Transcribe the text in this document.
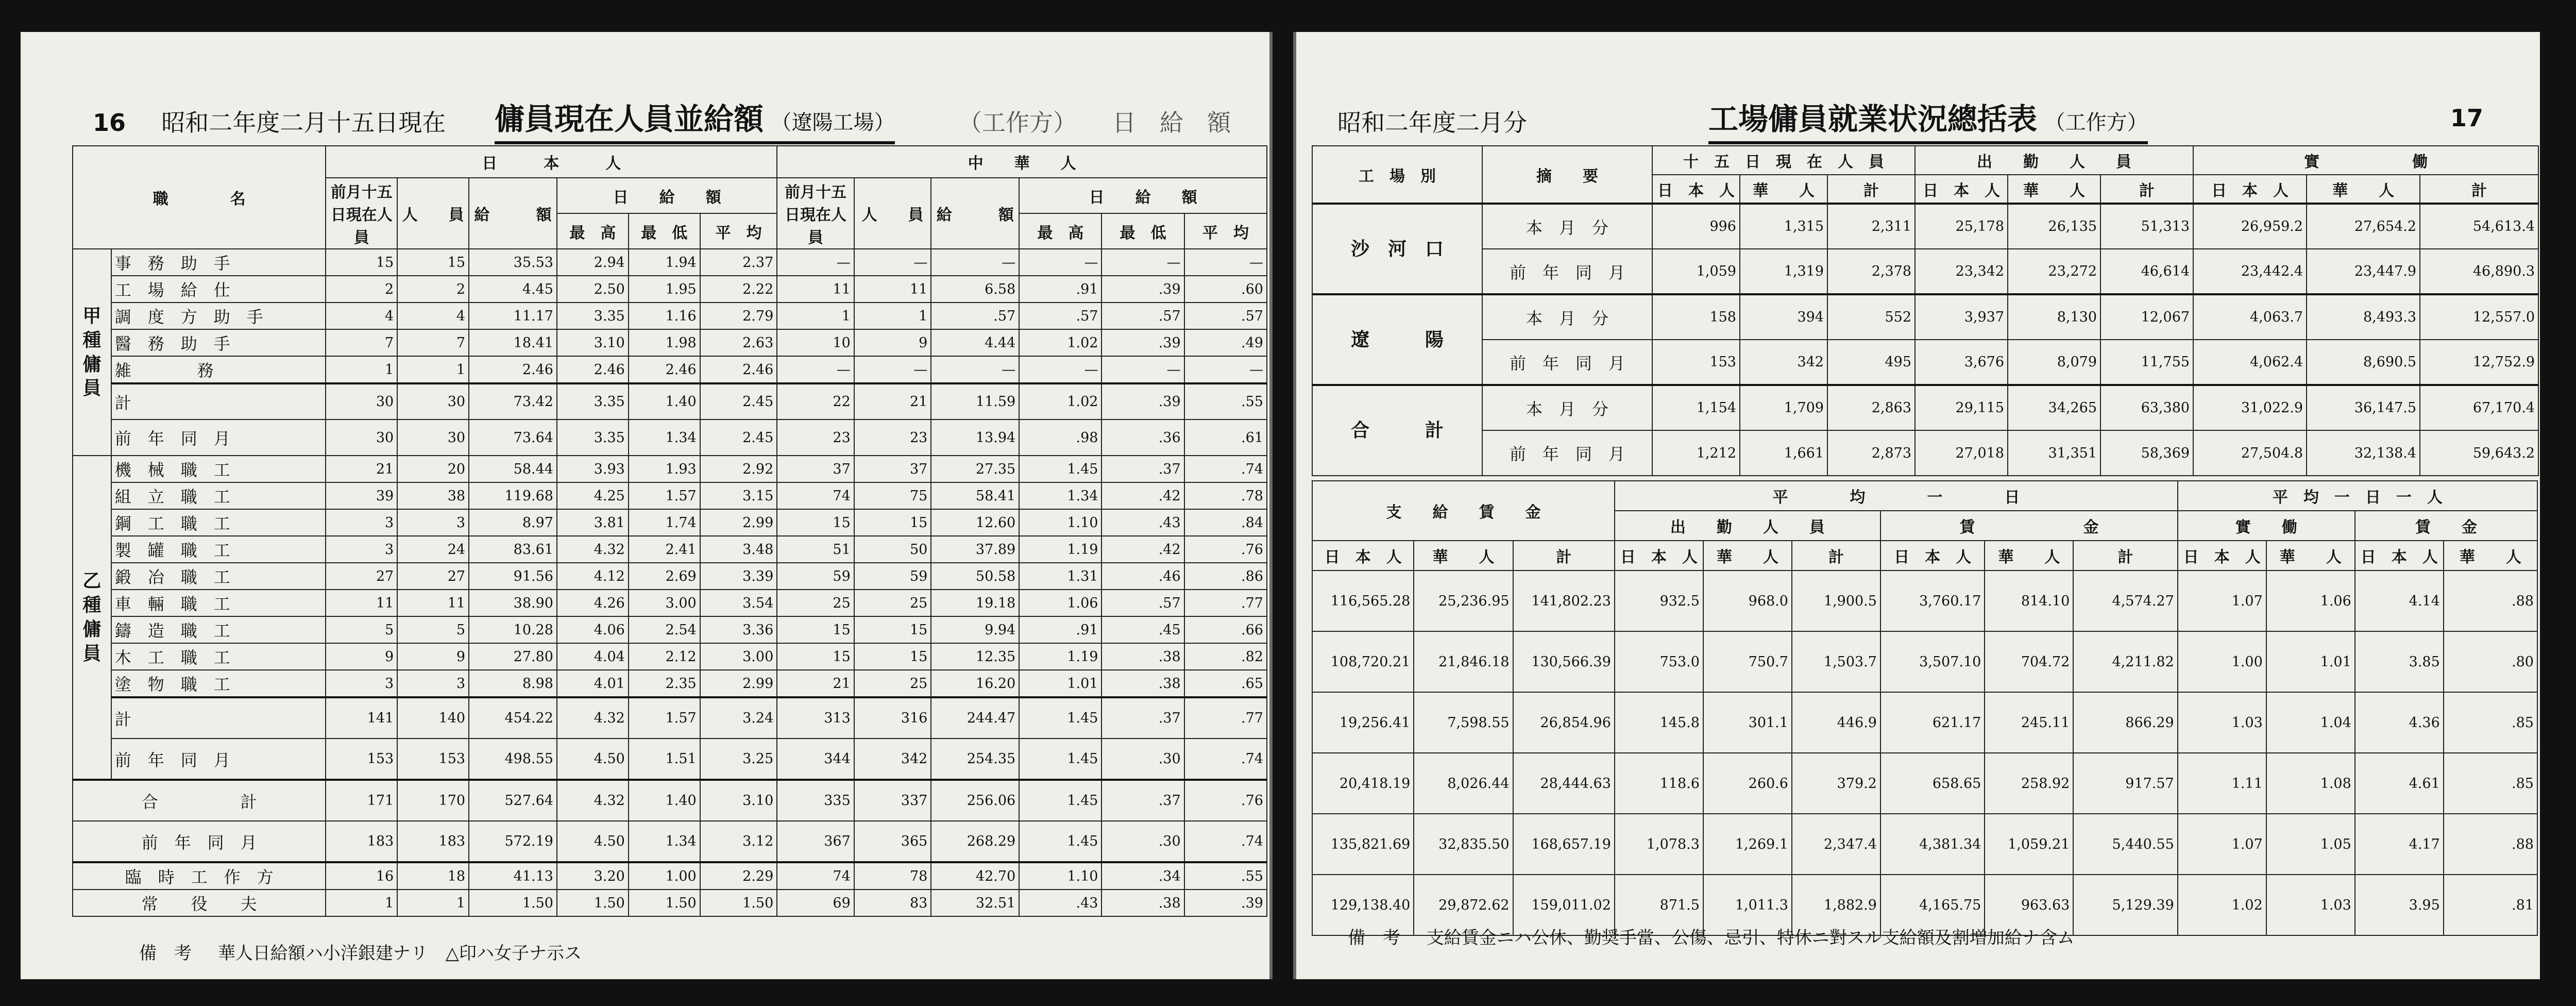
16 昭和二年度二月十五日現在 傭員現在人員並給額 （遼陽工場）	（工作方）　　日　給　額
職　　　　名		日　　　本　　　人						中　　華　　人					
		前月十五日現在人員	人　　員	給　　　額	日　　給　　額			前月十五日現在人員	人　　員	給　　　額	日　　給　　額		
					最　高	最　低	平　均				最　高	最　低	平　均
甲　種　傭　員	事　務　助　手	15	15	35.53	2.94	1.94	2.37	—	—	—	—	—	—
	工　場　給　仕	2	2	4.45	2.50	1.95	2.22	11	11	6.58	.91	.39	.60
	調　度　方　助　手	4	4	11.17	3.35	1.16	2.79	1	1	.57	.57	.57	.57
	醫　務　助　手	7	7	18.41	3.10	1.98	2.63	10	9	4.44	1.02	.39	.49
	雑　　　　務	1	1	2.46	2.46	2.46	2.46	—	—	—	—	—	—
	計	30	30	73.42	3.35	1.40	2.45	22	21	11.59	1.02	.39	.55
	前　年　同　月	30	30	73.64	3.35	1.34	2.45	23	23	13.94	.98	.36	.61
乙　種　傭　員	機　械　職　工	21	20	58.44	3.93	1.93	2.92	37	37	27.35	1.45	.37	.74
	組　立　職　工	39	38	119.68	4.25	1.57	3.15	74	75	58.41	1.34	.42	.78
	鋼　工　職　工	3	3	8.97	3.81	1.74	2.99	15	15	12.60	1.10	.43	.84
	製　罐　職　工	3	24	83.61	4.32	2.41	3.48	51	50	37.89	1.19	.42	.76
	鍛　冶　職　工	27	27	91.56	4.12	2.69	3.39	59	59	50.58	1.31	.46	.86
	車　輛　職　工	11	11	38.90	4.26	3.00	3.54	25	25	19.18	1.06	.57	.77
	鑄　造　職　工	5	5	10.28	4.06	2.54	3.36	15	15	9.94	.91	.45	.66
	木　工　職　工	9	9	27.80	4.04	2.12	3.00	15	15	12.35	1.19	.38	.82
	塗　物　職　工	3	3	8.98	4.01	2.35	2.99	21	25	16.20	1.01	.38	.65
	計	141	140	454.22	4.32	1.57	3.24	313	316	244.47	1.45	.37	.77
	前　年　同　月	153	153	498.55	4.50	1.51	3.25	344	342	254.35	1.45	.30	.74
合　　　　　計		171	170	527.64	4.32	1.40	3.10	335	337	256.06	1.45	.37	.76
前　年　同　月		183	183	572.19	4.50	1.34	3.12	367	365	268.29	1.45	.30	.74
臨　時　工　作　方		16	18	41.13	3.20	1.00	2.29	74	78	42.70	1.10	.34	.55
常　　役　　夫		1	1	1.50	1.50	1.50	1.50	69	83	32.51	.43	.38	.39
備　考 華人日給額ハ小洋銀建ナリ　△印ハ女子ナ示ス
昭和二年度二月分	工場傭員就業状況總括表 （工作方）	17
工　場　別	摘　　要	十　五　日　現　在　人　員			出　　勤　　人　　員			實　　　　　　働		
		日　本　人	華　　人	計	日　本　人	華　　人	計	日　本　人	華　　人	計
沙　河　口	本　月　分	996	1,315	2,311	25,178	26,135	51,313	26,959.2	27,654.2	54,613.4
	前　年　同　月	1,059	1,319	2,378	23,342	23,272	46,614	23,442.4	23,447.9	46,890.3
遼　　　陽	本　月　分	158	394	552	3,937	8,130	12,067	4,063.7	8,493.3	12,557.0
	前　年　同　月	153	342	495	3,676	8,079	11,755	4,062.4	8,690.5	12,752.9
合　　　計	本　月　分	1,154	1,709	2,863	29,115	34,265	63,380	31,022.9	36,147.5	67,170.4
	前　年　同　月	1,212	1,661	2,873	27,018	31,351	58,369	27,504.8	32,138.4	59,643.2
支　　給　　賃　　金			平　　　　均　　　　一　　　　日						平　均　一　日　一　人			
			出　　勤　　人　　員			賃　　　　　　　金			實　　働		賃　　金	
日　本　人	華　　人	計	日　本　人	華　　人	計	日　本　人	華　　人	計	日　本　人	華　　人	日　本　人	華　　人
116,565.28	25,236.95	141,802.23	932.5	968.0	1,900.5	3,760.17	814.10	4,574.27	1.07	1.06	4.14	.88
108,720.21	21,846.18	130,566.39	753.0	750.7	1,503.7	3,507.10	704.72	4,211.82	1.00	1.01	3.85	.80
19,256.41	7,598.55	26,854.96	145.8	301.1	446.9	621.17	245.11	866.29	1.03	1.04	4.36	.85
20,418.19	8,026.44	28,444.63	118.6	260.6	379.2	658.65	258.92	917.57	1.11	1.08	4.61	.85
135,821.69	32,835.50	168,657.19	1,078.3	1,269.1	2,347.4	4,381.34	1,059.21	5,440.55	1.07	1.05	4.17	.88
129,138.40	29,872.62	159,011.02	871.5	1,011.3	1,882.9	4,165.75	963.63	5,129.39	1.02	1.03	3.95	.81
備　考 支給賃金ニハ公休、勤奨手當、公傷、忌引、特休ニ對スル支給額及割増加給ナ含ム
